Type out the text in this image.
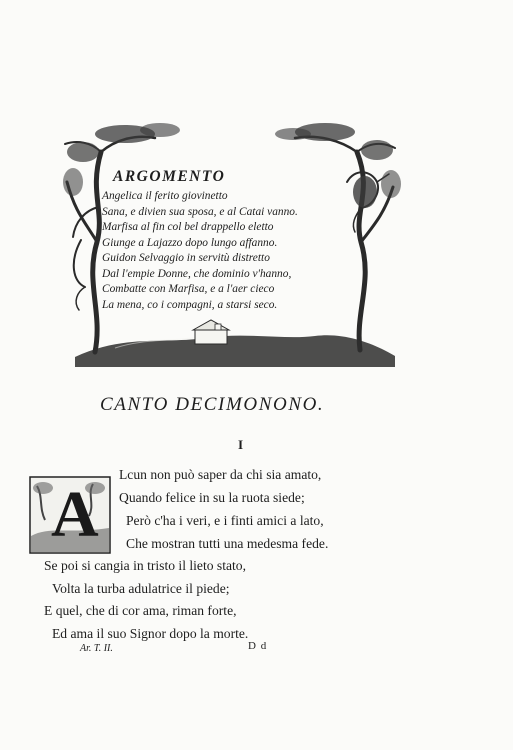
ARGOMENTO
Angelica il ferito giovinetto
Sana, e divien sua sposa, e al Catai vanno.
Marfisa al fin col bel drappello eletto
Giunge a Lajazzo dopo lungo affanno.
Guidon Selvaggio in servitù distretto
Dal l'empie Donne, che dominio v'hanno,
Combatte con Marfisa, e a l'aer cieco
La mena, co i compagni, a starsi seco.
CANTO DECIMONONO.
I
A
Lcun non può saper da chi sia amato,
Quando felice in su la ruota siede;
Però c'ha i veri, e i finti amici a lato,
Che mostran tutti una medesma fede.
Se poi si cangia in tristo il lieto stato,
Volta la turba adulatrice il piede;
E quel, che di cor ama, riman forte,
Ed ama il suo Signor dopo la morte.
Ar. T. II.	D d
